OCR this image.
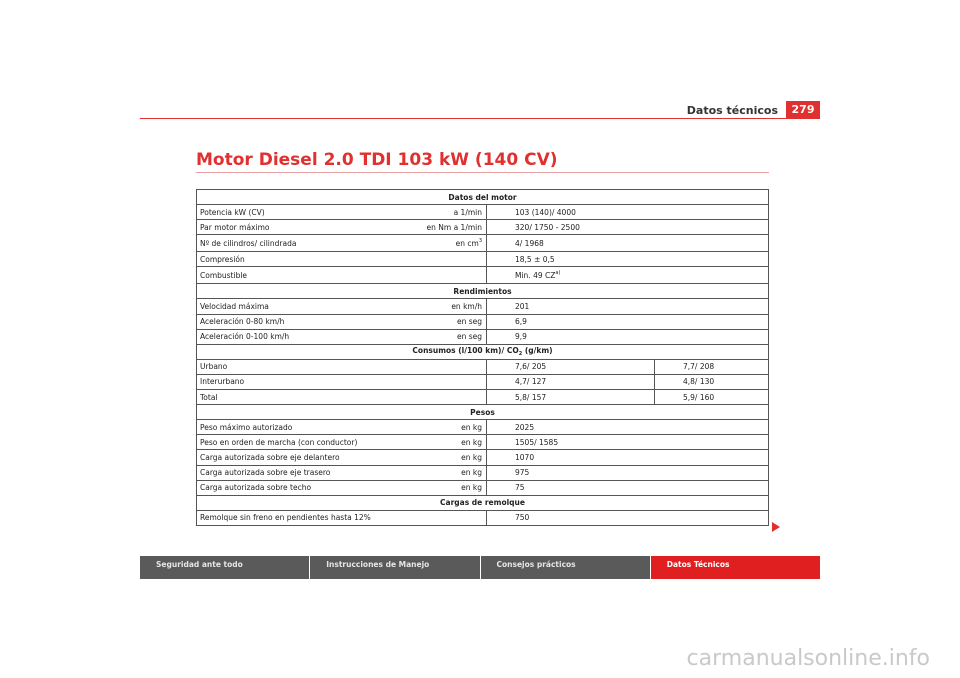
Datos técnicos	279
Motor Diesel 2.0 TDI 103 kW (140 CV)
Datos del motor			
Potencia kW (CV)	a 1/min	103 (140)/ 4000	
Par motor máximo	en Nm a 1/min	320/ 1750 - 2500	
Nº de cilindros/ cilindrada	en $cm^3$	4/ 1968	
Compresión		18,5 ± 0,5	
Combustible		Min. 49 CZ$^{a)}$
Rendimientos			
Velocidad máxima	en km/h	201	
Aceleración 0-80 km/h	en seg	6,9	
Aceleración 0-100 km/h	en seg	9,9	
Consumos (l/100 km)/ $CO_2$ (g/km)			
Urbano		7,6/ 205	7,7/ 208
Interurbano		4,7/ 127	4,8/ 130
Total		5,8/ 157	5,9/ 160
Pesos			
Peso máximo autorizado	en kg	2025	
Peso en orden de marcha (con conductor)	en kg	1505/ 1585	
Carga autorizada sobre eje delantero	en kg	1070	
Carga autorizada sobre eje trasero	en kg	975	
Carga autorizada sobre techo	en kg	75	
Cargas de remolque			
Remolque sin freno en pendientes hasta 12%		750	
Seguridad ante todo	Instrucciones de Manejo	Consejos prácticos	Datos Técnicos
carmanualsonline.info
